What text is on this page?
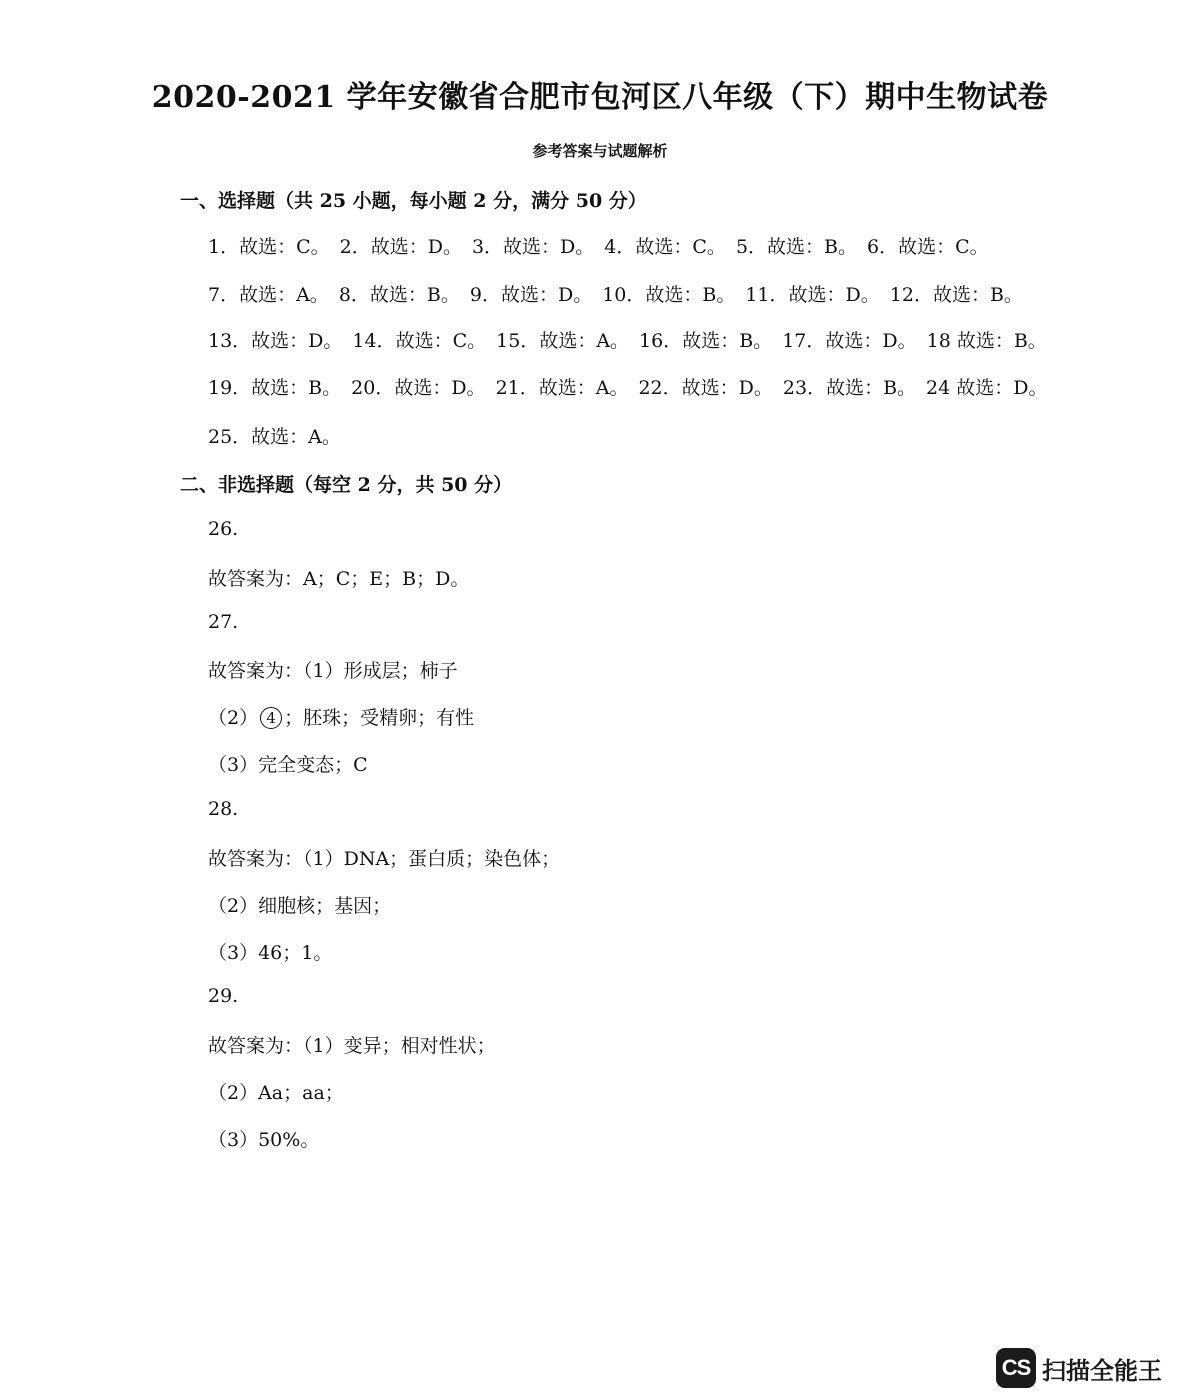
2020-2021 学年安徽省合肥市包河区八年级（下）期中生物试卷
参考答案与试题解析
一、选择题（共 25 小题，每小题 2 分，满分 50 分）
1．故选：C。 2．故选：D。 3．故选：D。 4．故选：C。 5．故选：B。 6．故选：C。
7．故选：A。 8．故选：B。 9．故选：D。 10．故选：B。 11．故选：D。 12．故选：B。
13．故选：D。 14．故选：C。 15．故选：A。 16．故选：B。 17．故选：D。 18 故选：B。
19．故选：B。 20．故选：D。 21．故选：A。 22．故选：D。 23．故选：B。 24 故选：D。
25．故选：A。
二、非选择题（每空 2 分，共 50 分）
26.
故答案为：A；C；E；B；D。
27.
故答案为：（1）形成层；柿子
（2） 4 ；胚珠；受精卵；有性
（3）完全变态；C
28.
故答案为：（1）DNA；蛋白质；染色体；
（2）细胞核；基因；
（3）46；1。
29.
故答案为：（1）变异；相对性状；
（2）Aa；aa；
（3）50%。
CS 扫描全能王
